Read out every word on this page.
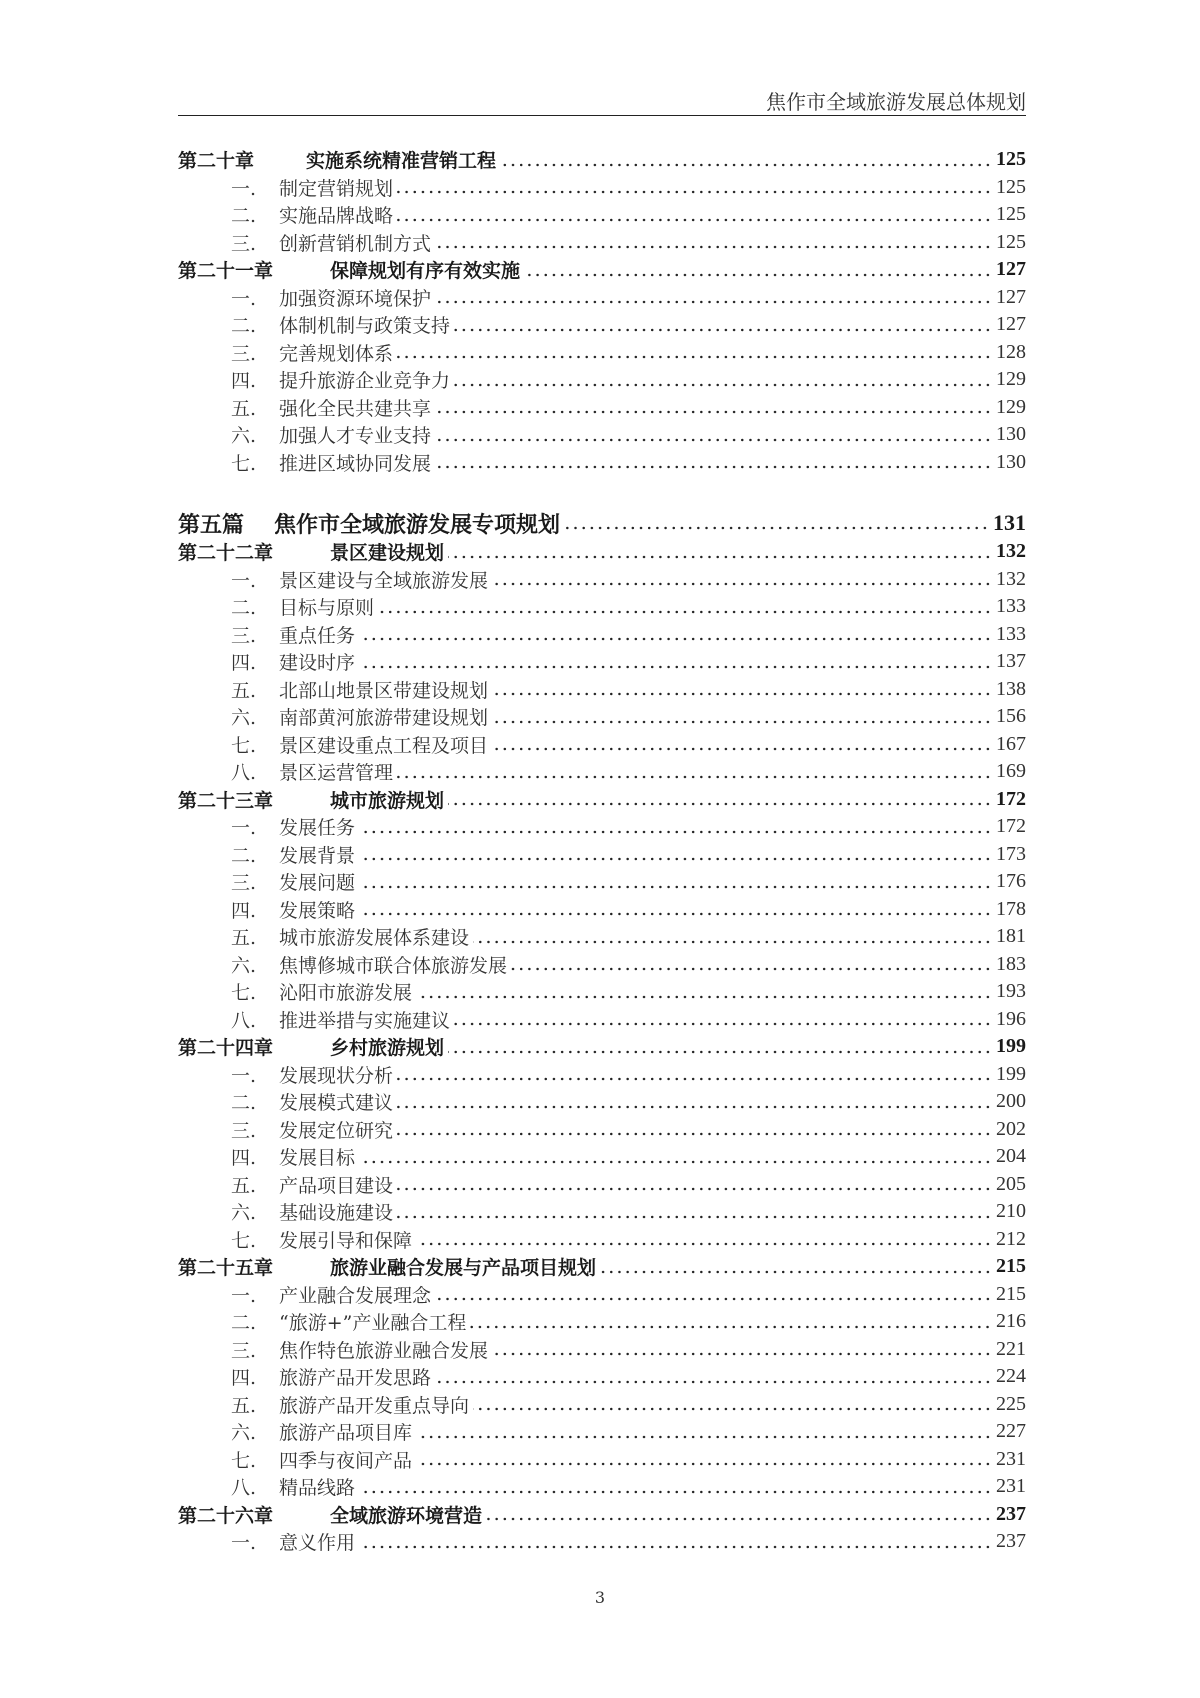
焦作市全域旅游发展总体规划
第二十章	实施系统精准营销工程	125
一.	制定营销规划	125
二.	实施品牌战略	125
三.	创新营销机制方式	125
第二十一章	保障规划有序有效实施	127
一.	加强资源环境保护	127
二.	体制机制与政策支持	127
三.	完善规划体系	128
四.	提升旅游企业竞争力	129
五.	强化全民共建共享	129
六.	加强人才专业支持	130
七.	推进区域协同发展	130
第五篇	焦作市全域旅游发展专项规划	131
第二十二章	景区建设规划	132
一.	景区建设与全域旅游发展	132
二.	目标与原则	133
三.	重点任务	133
四.	建设时序	137
五.	北部山地景区带建设规划	138
六.	南部黄河旅游带建设规划	156
七.	景区建设重点工程及项目	167
八.	景区运营管理	169
第二十三章	城市旅游规划	172
一.	发展任务	172
二.	发展背景	173
三.	发展问题	176
四.	发展策略	178
五.	城市旅游发展体系建设	181
六.	焦博修城市联合体旅游发展	183
七.	沁阳市旅游发展	193
八.	推进举措与实施建议	196
第二十四章	乡村旅游规划	199
一.	发展现状分析	199
二.	发展模式建议	200
三.	发展定位研究	202
四.	发展目标	204
五.	产品项目建设	205
六.	基础设施建设	210
七.	发展引导和保障	212
第二十五章	旅游业融合发展与产品项目规划	215
一.	产业融合发展理念	215
二.	“旅游+”产业融合工程	216
三.	焦作特色旅游业融合发展	221
四.	旅游产品开发思路	224
五.	旅游产品开发重点导向	225
六.	旅游产品项目库	227
七.	四季与夜间产品	231
八.	精品线路	231
第二十六章	全域旅游环境营造	237
一.	意义作用	237
3
